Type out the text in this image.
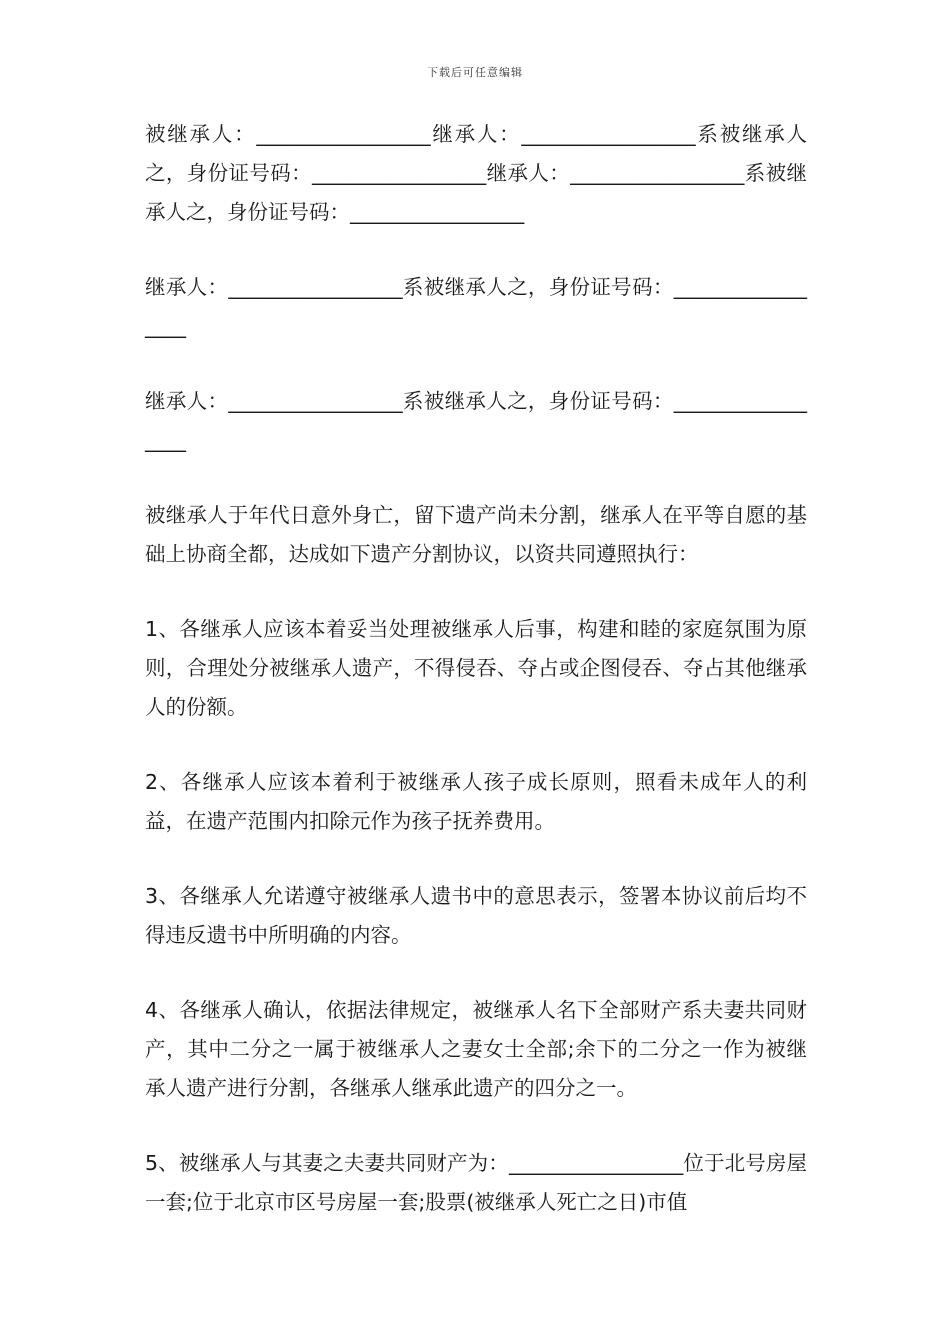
下载后可任意编辑

被继承人：_________________继承人：_________________系被继承人之，身份证号码：_________________继承人：_________________系被继承人之，身份证号码：_________________

继承人：_________________系被继承人之，身份证号码：_________________

继承人：_________________系被继承人之，身份证号码：_________________

被继承人于年代日意外身亡，留下遗产尚未分割，继承人在平等自愿的基础上协商全都，达成如下遗产分割协议，以资共同遵照执行：

1、各继承人应该本着妥当处理被继承人后事，构建和睦的家庭氛围为原则，合理处分被继承人遗产，不得侵吞、夺占或企图侵吞、夺占其他继承人的份额。

2、各继承人应该本着利于被继承人孩子成长原则，照看未成年人的利益，在遗产范围内扣除元作为孩子抚养费用。

3、各继承人允诺遵守被继承人遗书中的意思表示，签署本协议前后均不得违反遗书中所明确的内容。

4、各继承人确认，依据法律规定，被继承人名下全部财产系夫妻共同财产，其中二分之一属于被继承人之妻女士全部;余下的二分之一作为被继承人遗产进行分割，各继承人继承此遗产的四分之一。

5、被继承人与其妻之夫妻共同财产为：_________________位于北号房屋一套;位于北京市区号房屋一套;股票(被继承人死亡之日)市值
